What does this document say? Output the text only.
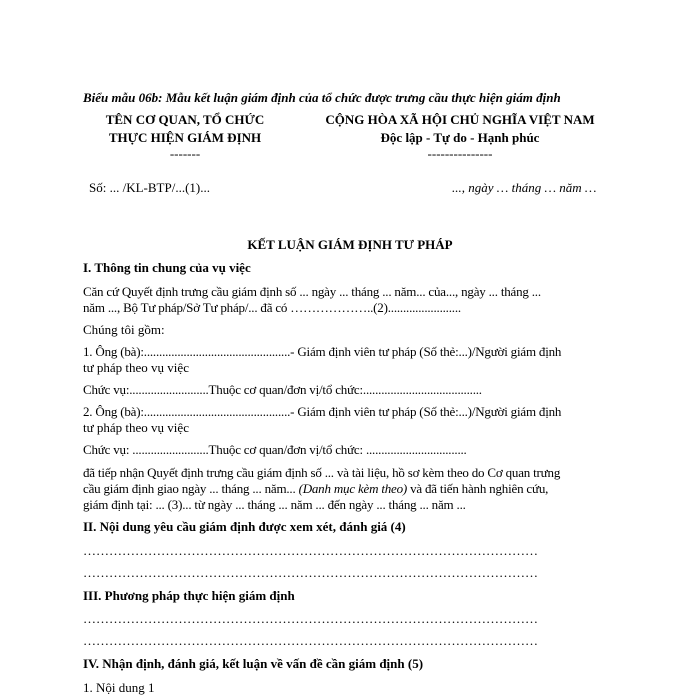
Biểu mẫu 06b: Mẫu kết luận giám định của tổ chức được trưng cầu thực hiện giám định
TÊN CƠ QUAN, TỔ CHỨC
THỰC HIỆN GIÁM ĐỊNH
-------
CỘNG HÒA XÃ HỘI CHỦ NGHĨA VIỆT NAM
Độc lập - Tự do - Hạnh phúc
---------------
Số: ... /KL-BTP/...(1)...	..., ngày … tháng … năm …
KẾT LUẬN GIÁM ĐỊNH TƯ PHÁP
I. Thông tin chung của vụ việc
Căn cứ Quyết định trưng cầu giám định số ... ngày ... tháng ... năm... của..., ngày ... tháng ...
năm ..., Bộ Tư pháp/Sở Tư pháp/... đã có ………………..(2)........................
Chúng tôi gồm:
1. Ông (bà):................................................- Giám định viên tư pháp (Số thẻ:...)/Người giám định
tư pháp theo vụ việc
Chức vụ:..........................Thuộc cơ quan/đơn vị/tổ chức:.......................................
2. Ông (bà):................................................- Giám định viên tư pháp (Số thẻ:...)/Người giám định
tư pháp theo vụ việc
Chức vụ: .........................Thuộc cơ quan/đơn vị/tổ chức: .................................
đã tiếp nhận Quyết định trưng cầu giám định số ... và tài liệu, hồ sơ kèm theo do Cơ quan trưng
cầu giám định giao ngày ... tháng ... năm... (Danh mục kèm theo) và đã tiến hành nghiên cứu,
giám định tại: ... (3)... từ ngày ... tháng ... năm ... đến ngày ... tháng ... năm ...
II. Nội dung yêu cầu giám định được xem xét, đánh giá (4)
……………………………………………………………………………………………
……………………………………………………………………………………………
III. Phương pháp thực hiện giám định
……………………………………………………………………………………………
……………………………………………………………………………………………
IV. Nhận định, đánh giá, kết luận về vấn đề cần giám định (5)
1. Nội dung 1
